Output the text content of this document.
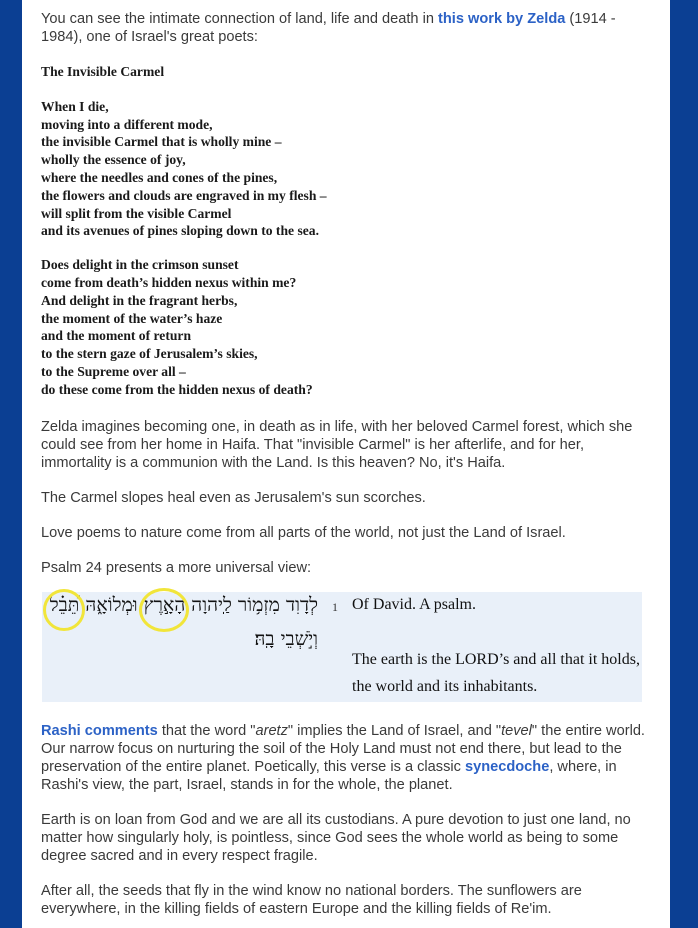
You can see the intimate connection of land, life and death in this work by Zelda (1914 - 1984), one of Israel's great poets:

The Invisible Carmel

When I die,
moving into a different mode,
the invisible Carmel that is wholly mine –
wholly the essence of joy,
where the needles and cones of the pines,
the flowers and clouds are engraved in my flesh –
will split from the visible Carmel
and its avenues of pines sloping down to the sea.
Does delight in the crimson sunset
come from death’s hidden nexus within me?
And delight in the fragrant herbs,
the moment of the water’s haze
and the moment of return
to the stern gaze of Jerusalem’s skies,
to the Supreme over all –
do these come from the hidden nexus of death?

Zelda imagines becoming one, in death as in life, with her beloved Carmel forest, which she could see from her home in Haifa. That "invisible Carmel" is her afterlife, and for her, immortality is a communion with the Land. Is this heaven? No, it's Haifa.

The Carmel slopes heal even as Jerusalem's sun scorches.

Love poems to nature come from all parts of the world, not just the Land of Israel.

Psalm 24 presents a more universal view:

לְדָוִד מִזְמ֥וֹר לַֽיהוָה הָאָ֣רֶץ וּמְלוֹאָ֑הּ תֵּ֝בֵ֗ל
וְיֹ֣שְׁבֵי בָֽהּ׃
1 Of David. A psalm.
The earth is the LORD’s and all that it holds,
the world and its inhabitants.

Rashi comments that the word "aretz" implies the Land of Israel, and "tevel" the entire world. Our narrow focus on nurturing the soil of the Holy Land must not end there, but lead to the preservation of the entire planet. Poetically, this verse is a classic synecdoche, where, in Rashi's view, the part, Israel, stands in for the whole, the planet.

Earth is on loan from God and we are all its custodians. A pure devotion to just one land, no matter how singularly holy, is pointless, since God sees the whole world as being to some degree sacred and in every respect fragile.

After all, the seeds that fly in the wind know no national borders. The sunflowers are everywhere, in the killing fields of eastern Europe and the killing fields of Re'im.
